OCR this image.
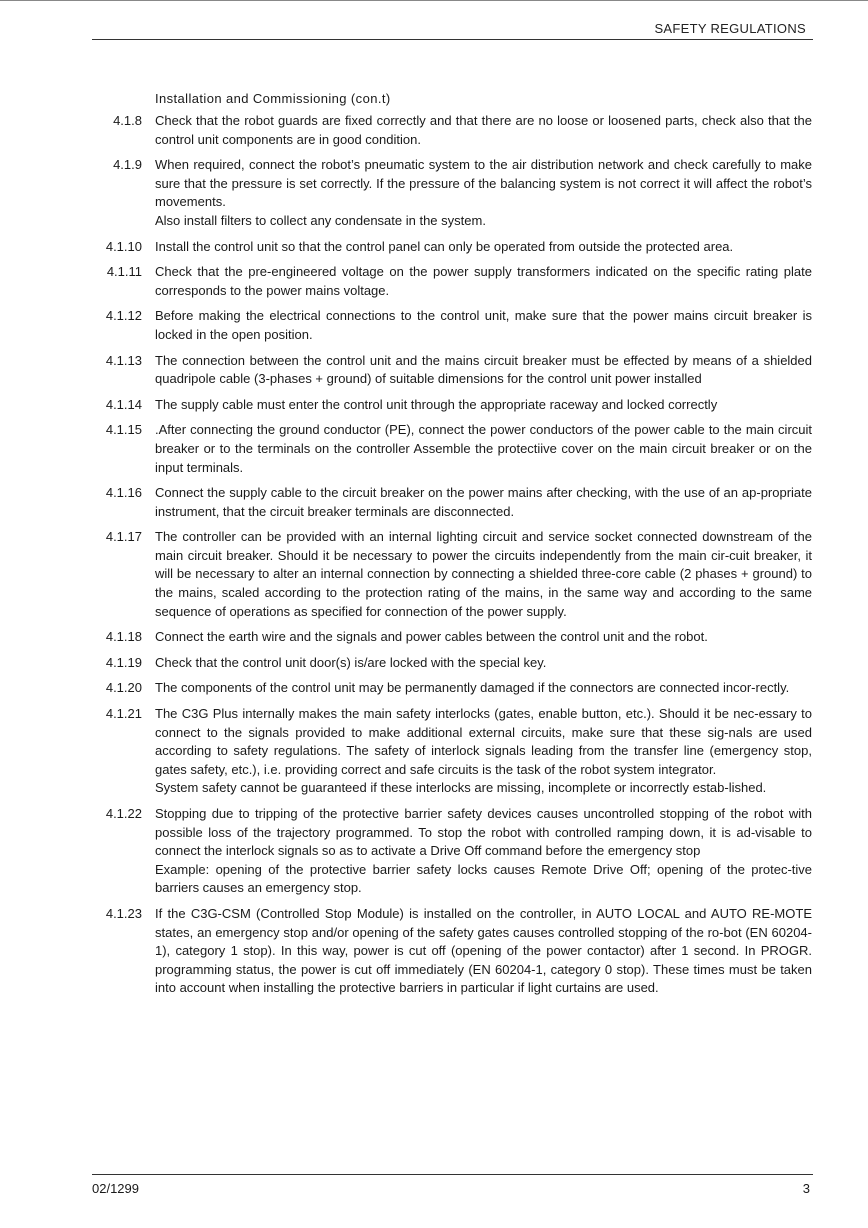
SAFETY REGULATIONS
Installation and Commissioning (con.t)
4.1.8	Check that the robot guards are fixed correctly and that there are no loose or loosened parts, check also that the control unit components are in good condition.

4.1.9	When required, connect the robot’s pneumatic system to the air distribution network and check carefully to make sure that the pressure is set correctly. If the pressure of the balancing system is not correct it will affect the robot’s movements.

Also install filters to collect any condensate in the system.

4.1.10	Install the control unit so that the control panel can only be operated from outside the protected area.

4.1.11	Check that the pre-engineered voltage on the power supply transformers indicated on the specific rating plate corresponds to the power mains voltage.

4.1.12	Before making the electrical connections to the control unit, make sure that the power mains circuit breaker is locked in the open position.

4.1.13	The connection between the control unit and the mains circuit breaker must be effected by means of a shielded quadripole cable (3-phases + ground) of suitable dimensions for the control unit power installed

4.1.14	The supply cable must enter the control unit through the appropriate raceway and locked correctly

4.1.15	.After connecting the ground conductor (PE), connect the power conductors of the power cable to the main circuit breaker or to the terminals on the controller Assemble the protectiive cover on the main circuit breaker or on the input terminals.

4.1.16	Connect the supply cable to the circuit breaker on the power mains after checking, with the use of an ap-propriate instrument, that the circuit breaker terminals are disconnected.

4.1.17	The controller can be provided with an internal lighting circuit and service socket connected downstream of the main circuit breaker. Should it be necessary to power the circuits independently from the main cir-cuit breaker, it will be necessary to alter an internal connection by connecting a shielded three-core cable (2 phases + ground) to the mains, scaled according to the protection rating of the mains, in the same way and according to the same sequence of operations as specified for connection of the power supply.

4.1.18	Connect the earth wire and the signals and power cables between the control unit and the robot.

4.1.19	Check that the control unit door(s) is/are locked with the special key.

4.1.20	The components of the control unit may be permanently damaged if the connectors are connected incor-rectly.

4.1.21	The C3G Plus internally makes the main safety interlocks (gates, enable button, etc.). Should it be nec-essary to connect to the signals provided to make additional external circuits, make sure that these sig-nals are used according to safety regulations. The safety of interlock signals leading from the transfer line (emergency stop, gates safety, etc.), i.e. providing correct and safe circuits is the task of the robot system integrator.

System safety cannot be guaranteed if these interlocks are missing, incomplete or incorrectly estab-lished.

4.1.22	Stopping due to tripping of the protective barrier safety devices causes uncontrolled stopping of the robot with possible loss of the trajectory programmed. To stop the robot with controlled ramping down, it is ad-visable to connect the interlock signals so as to activate a Drive Off command before the emergency stop

Example: opening of the protective barrier safety locks causes Remote Drive Off; opening of the protec-tive barriers causes an emergency stop.

4.1.23	If the C3G-CSM (Controlled Stop Module) is installed on the controller, in AUTO LOCAL and AUTO RE-MOTE states, an emergency stop and/or opening of the safety gates causes controlled stopping of the ro-bot (EN 60204-1), category 1 stop). In this way, power is cut off (opening of the power contactor) after 1 second. In PROGR. programming status, the power is cut off immediately (EN 60204-1, category 0 stop). These times must be taken into account when installing the protective barriers in particular if light curtains are used.

02/1299	3
